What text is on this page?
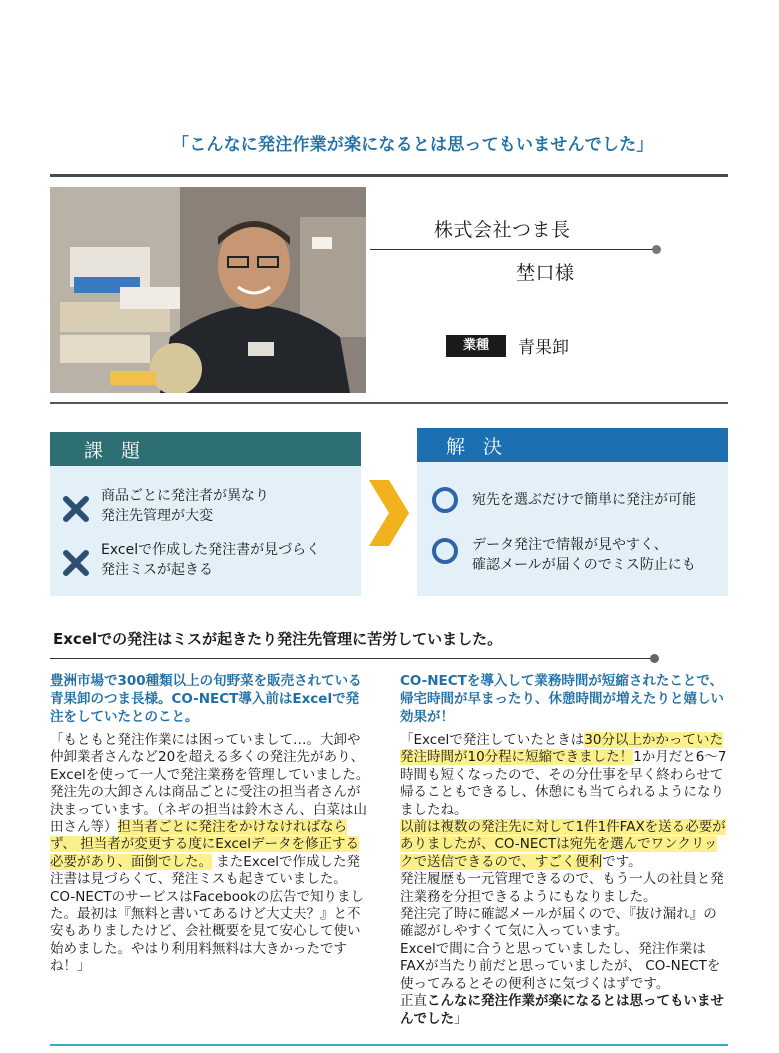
「こんなに発注作業が楽になるとは思ってもいませんでした」
株式会社つま長
埜口様
業種	青果卸
課 題
商品ごとに発注者が異なり
発注先管理が大変
Excelで作成した発注書が見づらく
発注ミスが起きる
解 決
宛先を選ぶだけで簡単に発注が可能
データ発注で情報が見やすく、
確認メールが届くのでミス防止にも
Excelでの発注はミスが起きたり発注先管理に苦労していました。
豊洲市場で300種類以上の旬野菜を販売されている青果卸のつま長様。CO-NECT導入前はExcelで発注をしていたとのこと。

「もともと発注作業には困っていまして…。大卸や仲卸業者さんなど20を超える多くの発注先があり、Excelを使って一人で発注業務を管理していました。

発注先の大卸さんは商品ごとに受注の担当者さんが決まっています。（ネギの担当は鈴木さん、白菜は山田さん等）担当者ごとに発注をかけなければならず、 担当者が変更する度にExcelデータを修正する必要があり、面倒でした。 またExcelで作成した発注書は見づらくて、発注ミスも起きていました。

CO-NECTのサービスはFacebookの広告で知りました。最初は『無料と書いてあるけど大丈夫？』と不安もありましたけど、会社概要を見て安心して使い始めました。やはり利用料無料は大きかったですね！」

CO-NECTを導入して業務時間が短縮されたことで、帰宅時間が早まったり、休憩時間が増えたりと嬉しい効果が！

「Excelで発注していたときは30分以上かかっていた発注時間が10分程に短縮できました！1か月だと6～7時間も短くなったので、その分仕事を早く終わらせて帰ることもできるし、休憩にも当てられるようになりましたね。

以前は複数の発注先に対して1件1件FAXを送る必要がありましたが、CO-NECTは宛先を選んでワンクリックで送信できるので、すごく便利です。

発注履歴も一元管理できるので、もう一人の社員と発注業務を分担できるようにもなりました。

発注完了時に確認メールが届くので、『抜け漏れ』の確認がしやすくて気に入っています。

Excelで間に合うと思っていましたし、発注作業はFAXが当たり前だと思っていましたが、 CO-NECTを使ってみるとその便利さに気づくはずです。

正直こんなに発注作業が楽になるとは思ってもいませんでした」
